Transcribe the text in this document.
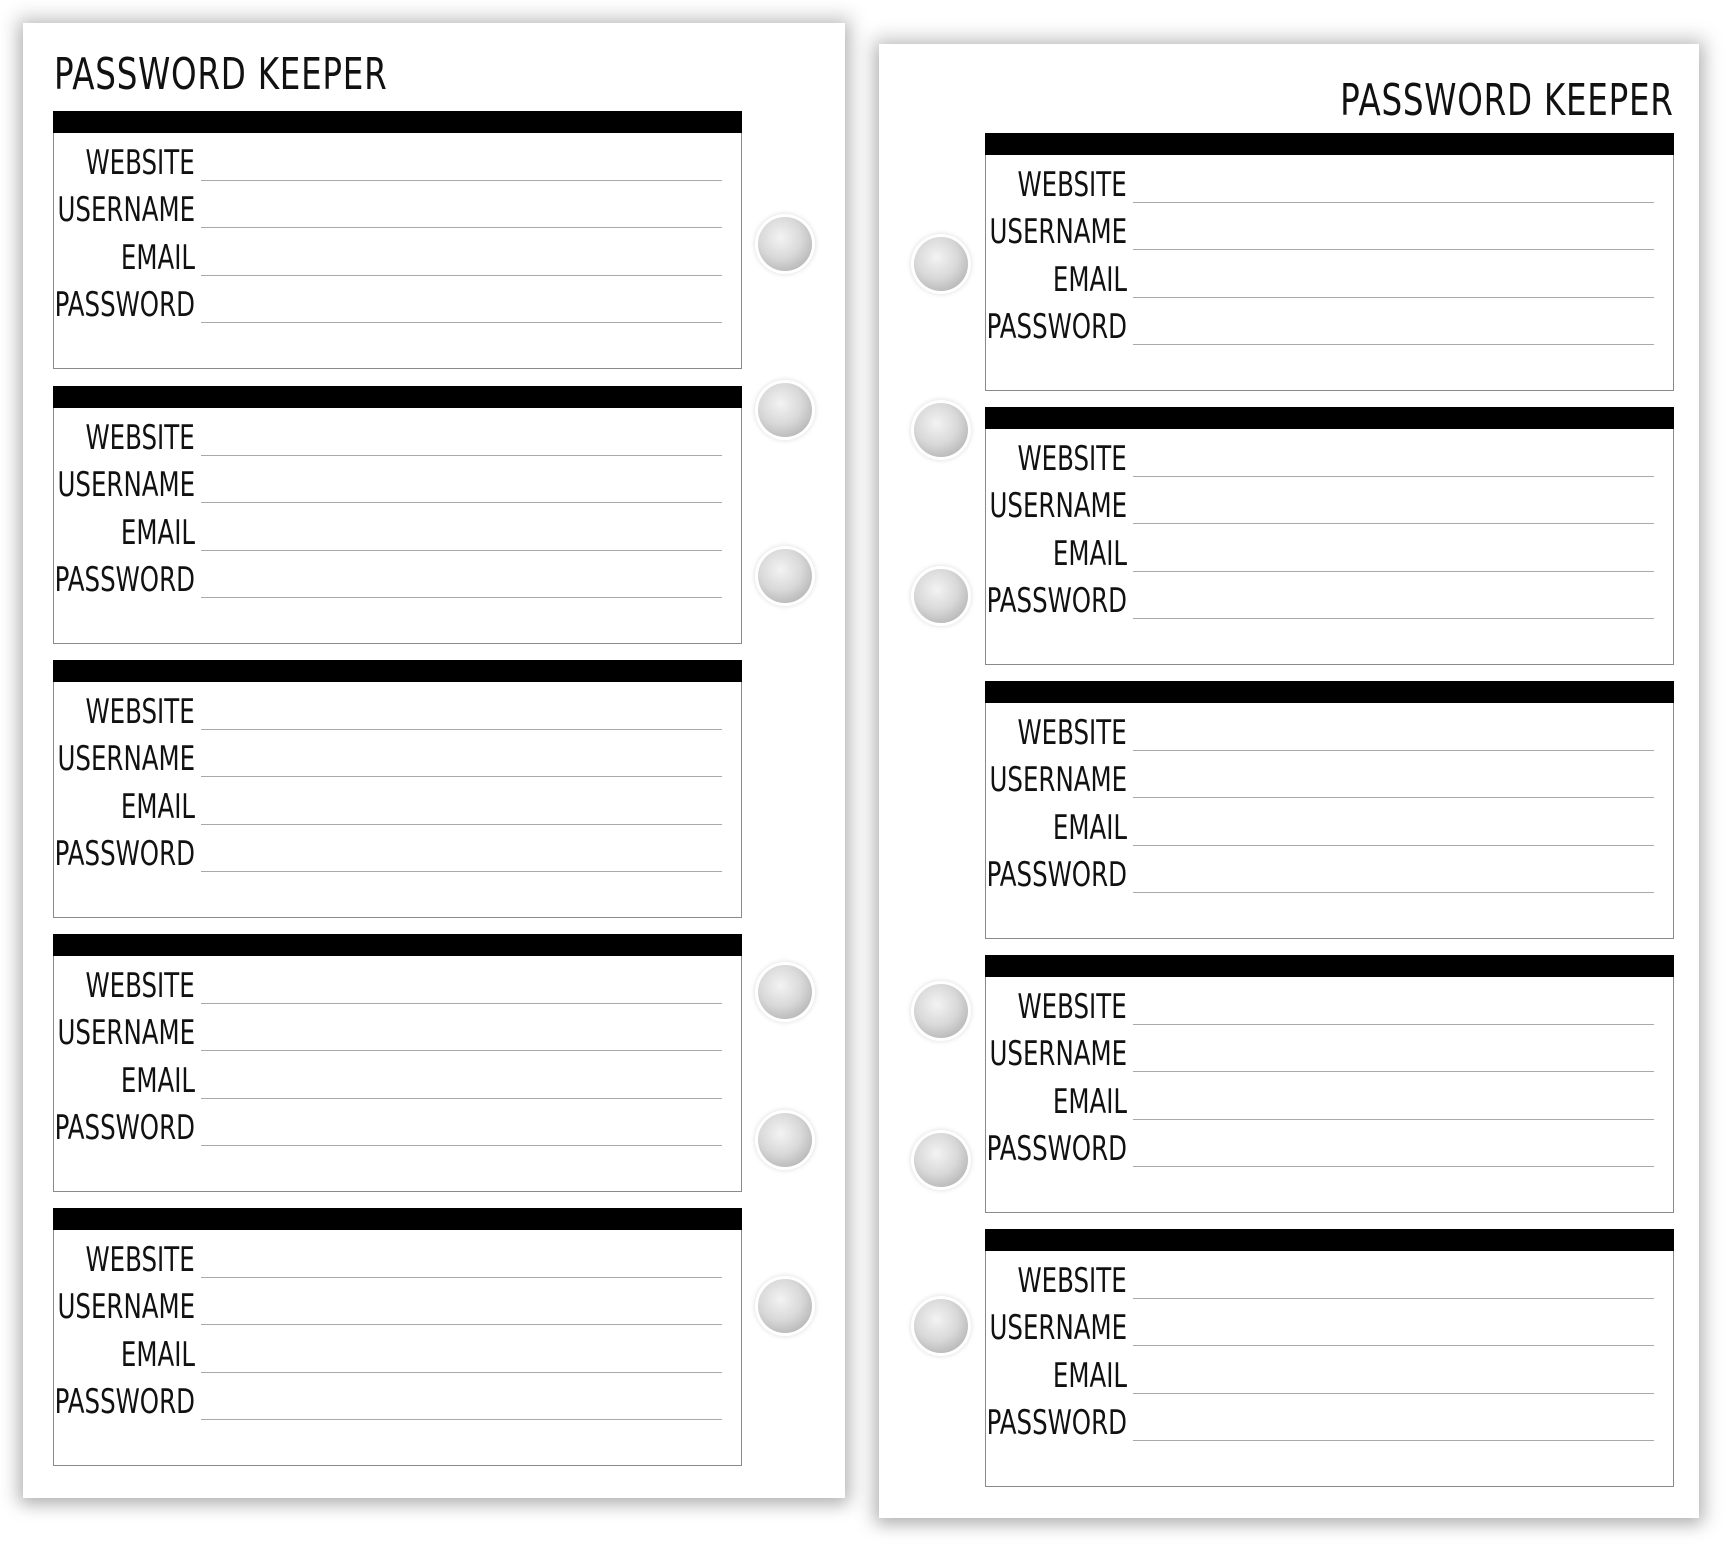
PASSWORD KEEPER
WEBSITE
USERNAME
EMAIL
PASSWORD
WEBSITE
USERNAME
EMAIL
PASSWORD
WEBSITE
USERNAME
EMAIL
PASSWORD
WEBSITE
USERNAME
EMAIL
PASSWORD
WEBSITE
USERNAME
EMAIL
PASSWORD
PASSWORD KEEPER
WEBSITE
USERNAME
EMAIL
PASSWORD
WEBSITE
USERNAME
EMAIL
PASSWORD
WEBSITE
USERNAME
EMAIL
PASSWORD
WEBSITE
USERNAME
EMAIL
PASSWORD
WEBSITE
USERNAME
EMAIL
PASSWORD
